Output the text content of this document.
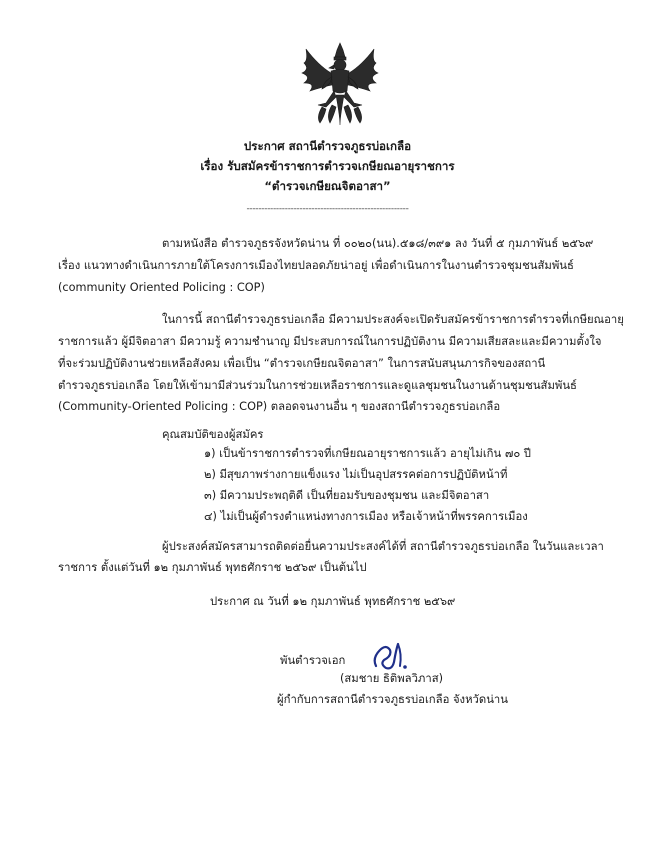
ประกาศ สถานีตำรวจภูธรบ่อเกลือ
เรื่อง รับสมัครข้าราชการตำรวจเกษียณอายุราชการ
“ตำรวจเกษียณจิตอาสา”
-------------------------------------------------------
ตามหนังสือ ตำรวจภูธรจังหวัดน่าน ที่ ๐๐๒๐(นน).๕๑๘/๓๙๑ ลง วันที่ ๕ กุมภาพันธ์ ๒๕๖๙
เรื่อง แนวทางดำเนินการภายใต้โครงการเมืองไทยปลอดภัยน่าอยู่ เพื่อดำเนินการในงานตำรวจชุมชนสัมพันธ์
(community Oriented Policing : COP)
ในการนี้ สถานีตำรวจภูธรบ่อเกลือ มีความประสงค์จะเปิดรับสมัครข้าราชการตำรวจที่เกษียณอายุ
ราชการแล้ว ผู้มีจิตอาสา มีความรู้ ความชำนาญ มีประสบการณ์ในการปฏิบัติงาน มีความเสียสละและมีความตั้งใจ
ที่จะร่วมปฏิบัติงานช่วยเหลือสังคม เพื่อเป็น “ตำรวจเกษียณจิตอาสา” ในการสนับสนุนภารกิจของสถานี
ตำรวจภูธรบ่อเกลือ โดยให้เข้ามามีส่วนร่วมในการช่วยเหลือราชการและดูแลชุมชนในงานด้านชุมชนสัมพันธ์
(Community-Oriented Policing : COP) ตลอดจนงานอื่น ๆ ของสถานีตำรวจภูธรบ่อเกลือ
คุณสมบัติของผู้สมัคร
๑) เป็นข้าราชการตำรวจที่เกษียณอายุราชการแล้ว อายุไม่เกิน ๗๐ ปี
๒) มีสุขภาพร่างกายแข็งแรง ไม่เป็นอุปสรรคต่อการปฏิบัติหน้าที่
๓) มีความประพฤติดี เป็นที่ยอมรับของชุมชน และมีจิตอาสา
๔) ไม่เป็นผู้ดำรงตำแหน่งทางการเมือง หรือเจ้าหน้าที่พรรคการเมือง
ผู้ประสงค์สมัครสามารถติดต่อยื่นความประสงค์ได้ที่ สถานีตำรวจภูธรบ่อเกลือ ในวันและเวลา
ราชการ ตั้งแต่วันที่ ๑๒ กุมภาพันธ์ พุทธศักราช ๒๕๖๙ เป็นต้นไป
ประกาศ ณ วันที่ ๑๒ กุมภาพันธ์ พุทธศักราช ๒๕๖๙
พันตำรวจเอก
(สมชาย ธิติพลวิภาส)
ผู้กำกับการสถานีตำรวจภูธรบ่อเกลือ จังหวัดน่าน
